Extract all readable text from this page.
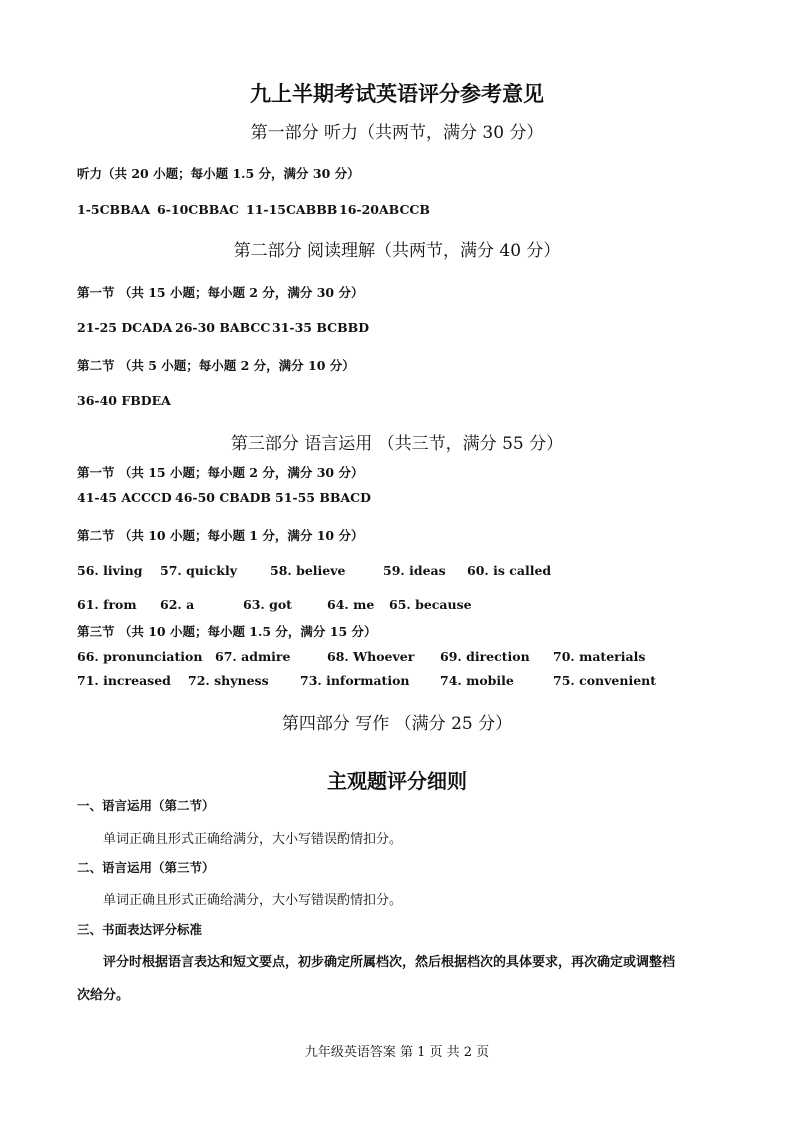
九上半期考试英语评分参考意见
第一部分 听力（共两节，满分 30 分）
听力（共 20 小题；每小题 1.5 分，满分 30 分）
1-5CBBAA 6-10CBBAC 11-15CABBB 16-20ABCCB
第二部分 阅读理解（共两节，满分 40 分）
第一节 （共 15 小题；每小题 2 分，满分 30 分）
21-25 DCADA 26-30 BABCC 31-35 BCBBD
第二节 （共 5 小题；每小题 2 分，满分 10 分）
36-40 FBDEA
第三部分 语言运用 （共三节，满分 55 分）
第一节 （共 15 小题；每小题 2 分，满分 30 分）
41-45 ACCCD 46-50 CBADB 51-55 BBACD
第二节 （共 10 小题；每小题 1 分，满分 10 分）
56. living 57. quickly	58. believe	59. ideas 60. is called
61. from 62. a	63. got	64. me 65. because
第三节 （共 10 小题；每小题 1.5 分，满分 15 分）
66. pronunciation 67. admire	68. Whoever 69. direction 70. materials
71. increased 72. shyness	73. information 74. mobile	75. convenient
第四部分 写作 （满分 25 分）
主观题评分细则
一、语言运用（第二节）
单词正确且形式正确给满分，大小写错误酌情扣分。
二、语言运用（第三节）
单词正确且形式正确给满分，大小写错误酌情扣分。
三、书面表达评分标准
评分时根据语言表达和短文要点，初步确定所属档次，然后根据档次的具体要求，再次确定或调整档
次给分。
九年级英语答案 第 1 页 共 2 页
